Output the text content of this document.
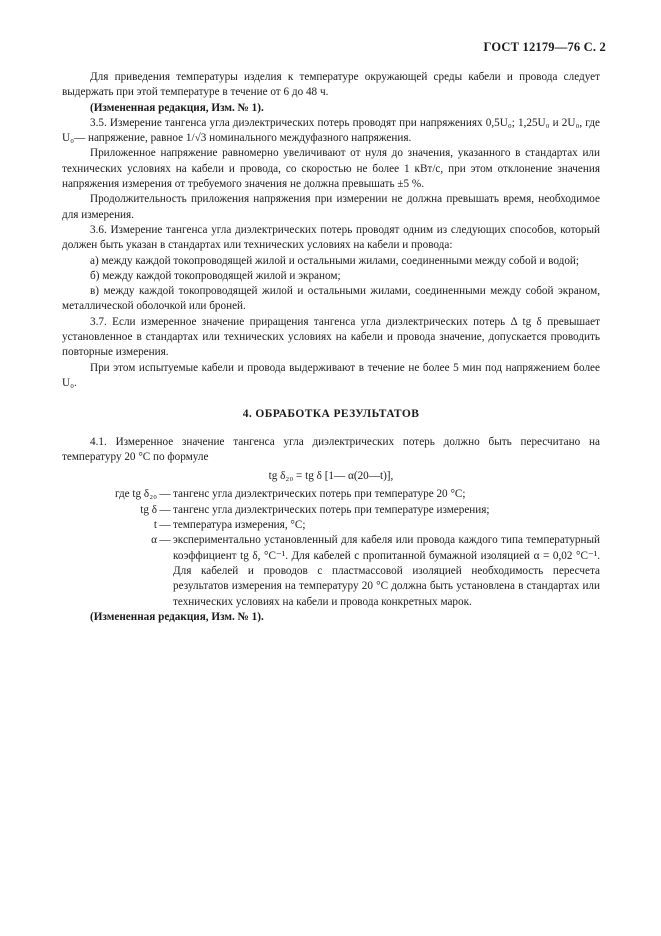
ГОСТ 12179—76 С. 2

Для приведения температуры изделия к температуре окружающей среды кабели и провода следует выдержать при этой температуре в течение от 6 до 48 ч.

(Измененная редакция, Изм. № 1).

3.5. Измерение тангенса угла диэлектрических потерь проводят при напряжениях 0,5U₀; 1,25U₀ и 2U₀, где U₀— напряжение, равное 1/√3 номинального междуфазного напряжения.

Приложенное напряжение равномерно увеличивают от нуля до значения, указанного в стандартах или технических условиях на кабели и провода, со скоростью не более 1 кВт/с, при этом отклонение значения напряжения измерения от требуемого значения не должна превышать ±5 %.

Продолжительность приложения напряжения при измерении не должна превышать время, необходимое для измерения.

3.6. Измерение тангенса угла диэлектрических потерь проводят одним из следующих способов, который должен быть указан в стандартах или технических условиях на кабели и провода:

а) между каждой токопроводящей жилой и остальными жилами, соединенными между собой и водой;

б) между каждой токопроводящей жилой и экраном;

в) между каждой токопроводящей жилой и остальными жилами, соединенными между собой экраном, металлической оболочкой или броней.

3.7. Если измеренное значение приращения тангенса угла диэлектрических потерь Δ tg δ превышает установленное в стандартах или технических условиях на кабели и провода значение, допускается проводить повторные измерения.

При этом испытуемые кабели и провода выдерживают в течение не более 5 мин под напряжением более U₀.

4. ОБРАБОТКА РЕЗУЛЬТАТОВ

4.1. Измеренное значение тангенса угла диэлектрических потерь должно быть пересчитано на температуру 20 °С по формуле

tg δ₂₀ = tg δ [1— α(20—t)],

где tg δ₂₀ — тангенс угла диэлектрических потерь при температуре 20 °С;
tg δ — тангенс угла диэлектрических потерь при температуре измерения;
t — температура измерения, °С;
α — экспериментально установленный для кабеля или провода каждого типа температурный коэффициент tg δ, °С⁻¹. Для кабелей с пропитанной бумажной изоляцией α = 0,02 °С⁻¹. Для кабелей и проводов с пластмассовой изоляцией необходимость пересчета результатов измерения на температуру 20 °С должна быть установлена в стандартах или технических условиях на кабели и провода конкретных марок.

(Измененная редакция, Изм. № 1).
